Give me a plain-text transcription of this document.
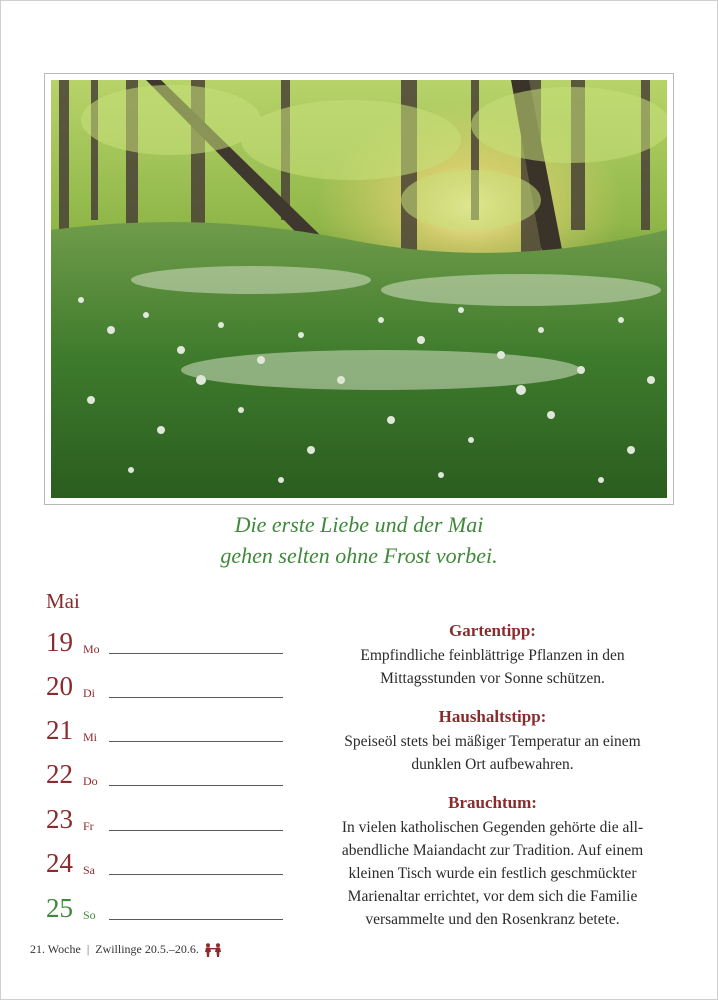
Die erste Liebe und der Mai
gehen selten ohne Frost vorbei.
Mai
19 Mo
20 Di
21 Mi
22 Do
23 Fr
24 Sa
25 So
Gartentipp:
Empfindliche feinblättrige Pflanzen in den
Mittagsstunden vor Sonne schützen.
Haushaltstipp:
Speiseöl stets bei mäßiger Temperatur an einem
dunklen Ort aufbewahren.
Brauchtum:
In vielen katholischen Gegenden gehörte die all-
abendliche Maiandacht zur Tradition. Auf einem
kleinen Tisch wurde ein festlich geschmückter
Marienaltar errichtet, vor dem sich die Familie
versammelte und den Rosenkranz betete.
21. Woche | Zwillinge 20.5.–20.6.
